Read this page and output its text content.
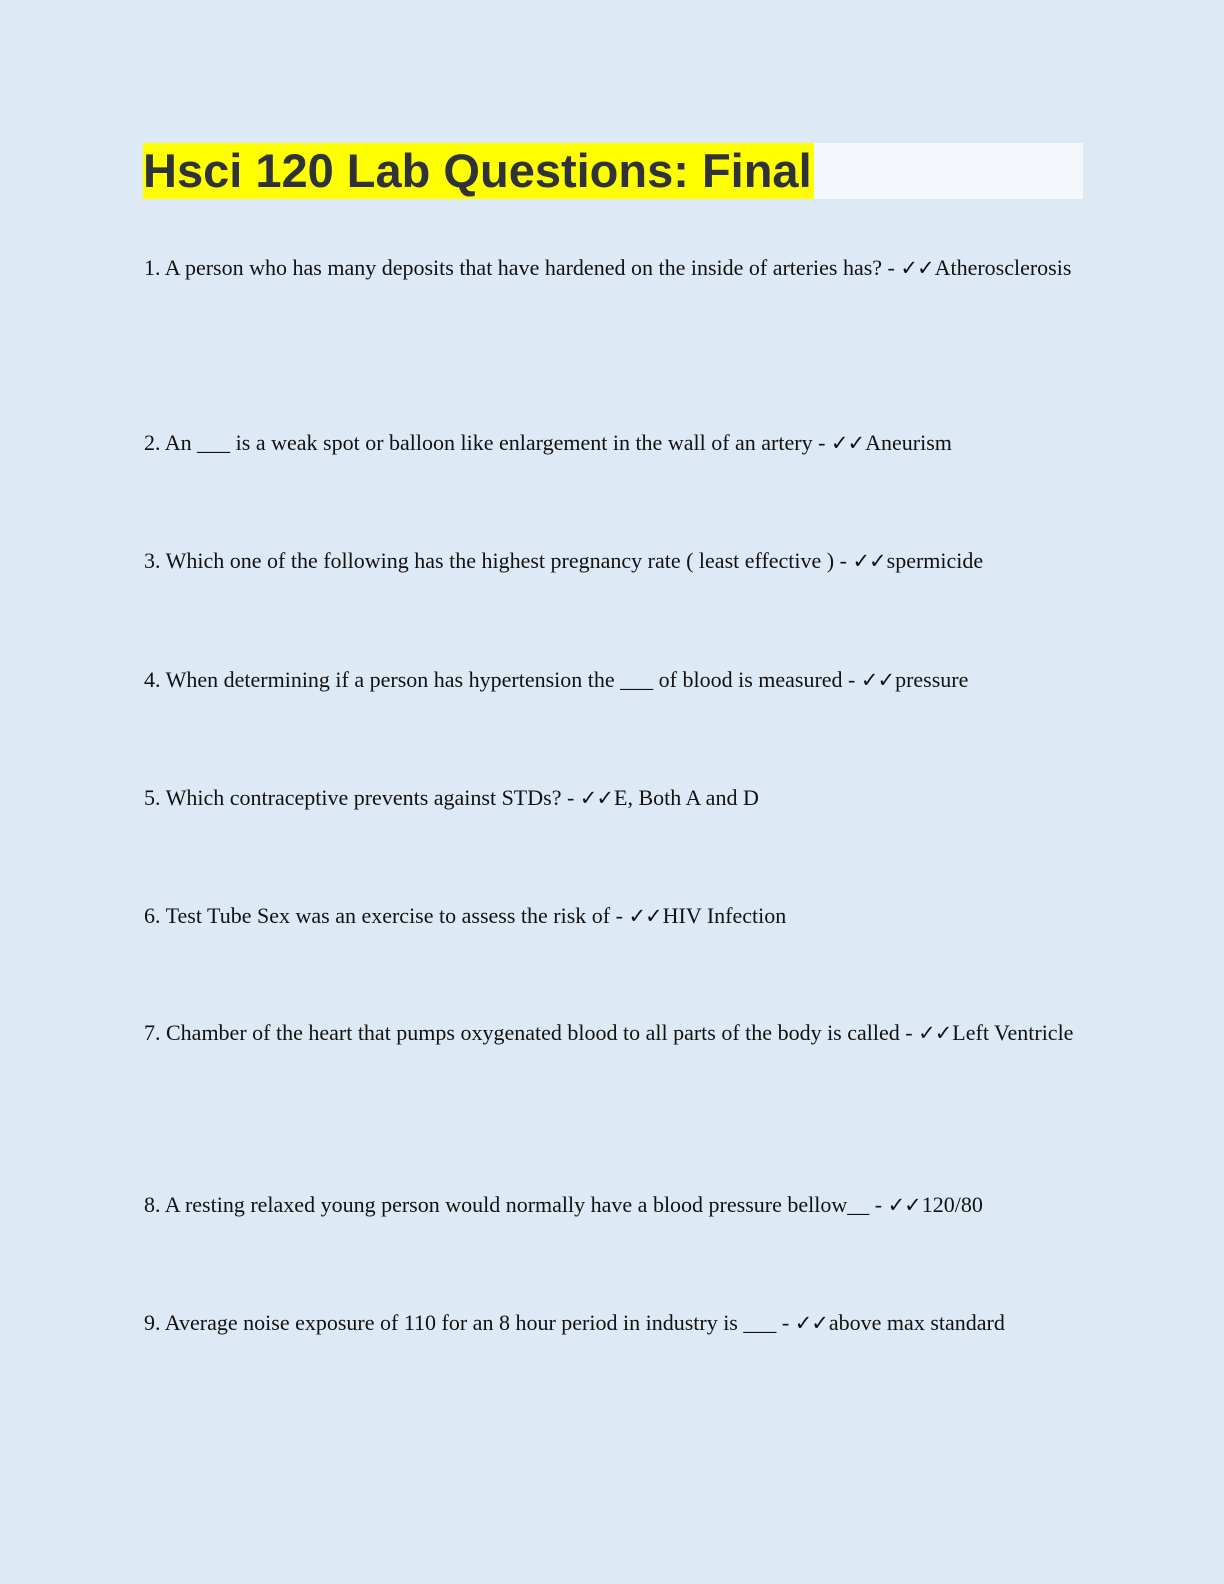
Hsci 120 Lab Questions: Final

1. A person who has many deposits that have hardened on the inside of arteries has? - ✓✓Atherosclerosis

2. An ___ is a weak spot or balloon like enlargement in the wall of an artery - ✓✓Aneurism

3. Which one of the following has the highest pregnancy rate ( least effective ) - ✓✓spermicide

4. When determining if a person has hypertension the ___ of blood is measured - ✓✓pressure

5. Which contraceptive prevents against STDs? - ✓✓E, Both A and D

6. Test Tube Sex was an exercise to assess the risk of - ✓✓HIV Infection

7. Chamber of the heart that pumps oxygenated blood to all parts of the body is called - ✓✓Left Ventricle

8. A resting relaxed young person would normally have a blood pressure bellow__ - ✓✓120/80

9. Average noise exposure of 110 for an 8 hour period in industry is ___ - ✓✓above max standard
